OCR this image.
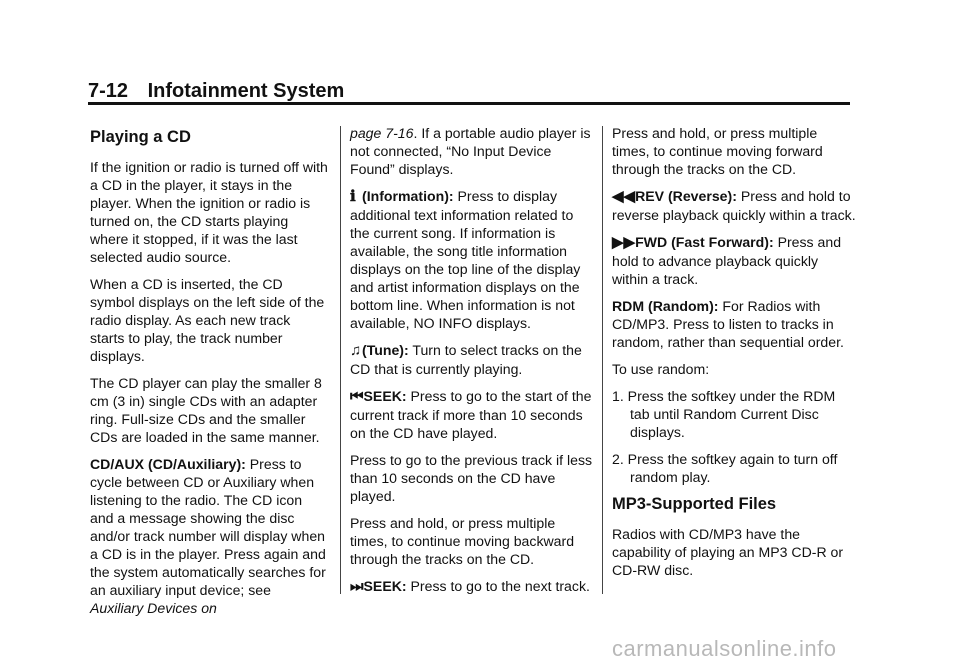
7-12 Infotainment System
Playing a CD

If the ignition or radio is turned off with a CD in the player, it stays in the player. When the ignition or radio is turned on, the CD starts playing where it stopped, if it was the last selected audio source.

When a CD is inserted, the CD symbol displays on the left side of the radio display. As each new track starts to play, the track number displays.

The CD player can play the smaller 8 cm (3 in) single CDs with an adapter ring. Full-size CDs and the smaller CDs are loaded in the same manner.

CD/AUX (CD/Auxiliary): Press to cycle between CD or Auxiliary when listening to the radio. The CD icon and a message showing the disc and/or track number will display when a CD is in the player. Press again and the system automatically searches for an auxiliary input device; see Auxiliary Devices on

page 7-16. If a portable audio player is not connected, “No Input Device Found” displays.

ℹ (Information): Press to display additional text information related to the current song. If information is available, the song title information displays on the top line of the display and artist information displays on the bottom line. When information is not available, NO INFO displays.

♫(Tune): Turn to select tracks on the CD that is currently playing.

⏮SEEK: Press to go to the start of the current track if more than 10 seconds on the CD have played.

Press to go to the previous track if less than 10 seconds on the CD have played.

Press and hold, or press multiple times, to continue moving backward through the tracks on the CD.

⏭SEEK: Press to go to the next track.

Press and hold, or press multiple times, to continue moving forward through the tracks on the CD.

◀◀REV (Reverse): Press and hold to reverse playback quickly within a track.

▶▶FWD (Fast Forward): Press and hold to advance playback quickly within a track.

RDM (Random): For Radios with CD/MP3. Press to listen to tracks in random, rather than sequential order.

To use random:

1. Press the softkey under the RDM tab until Random Current Disc displays.
2. Press the softkey again to turn off random play.
MP3-Supported Files

Radios with CD/MP3 have the capability of playing an MP3 CD-R or CD-RW disc.

carmanualsonline.info
